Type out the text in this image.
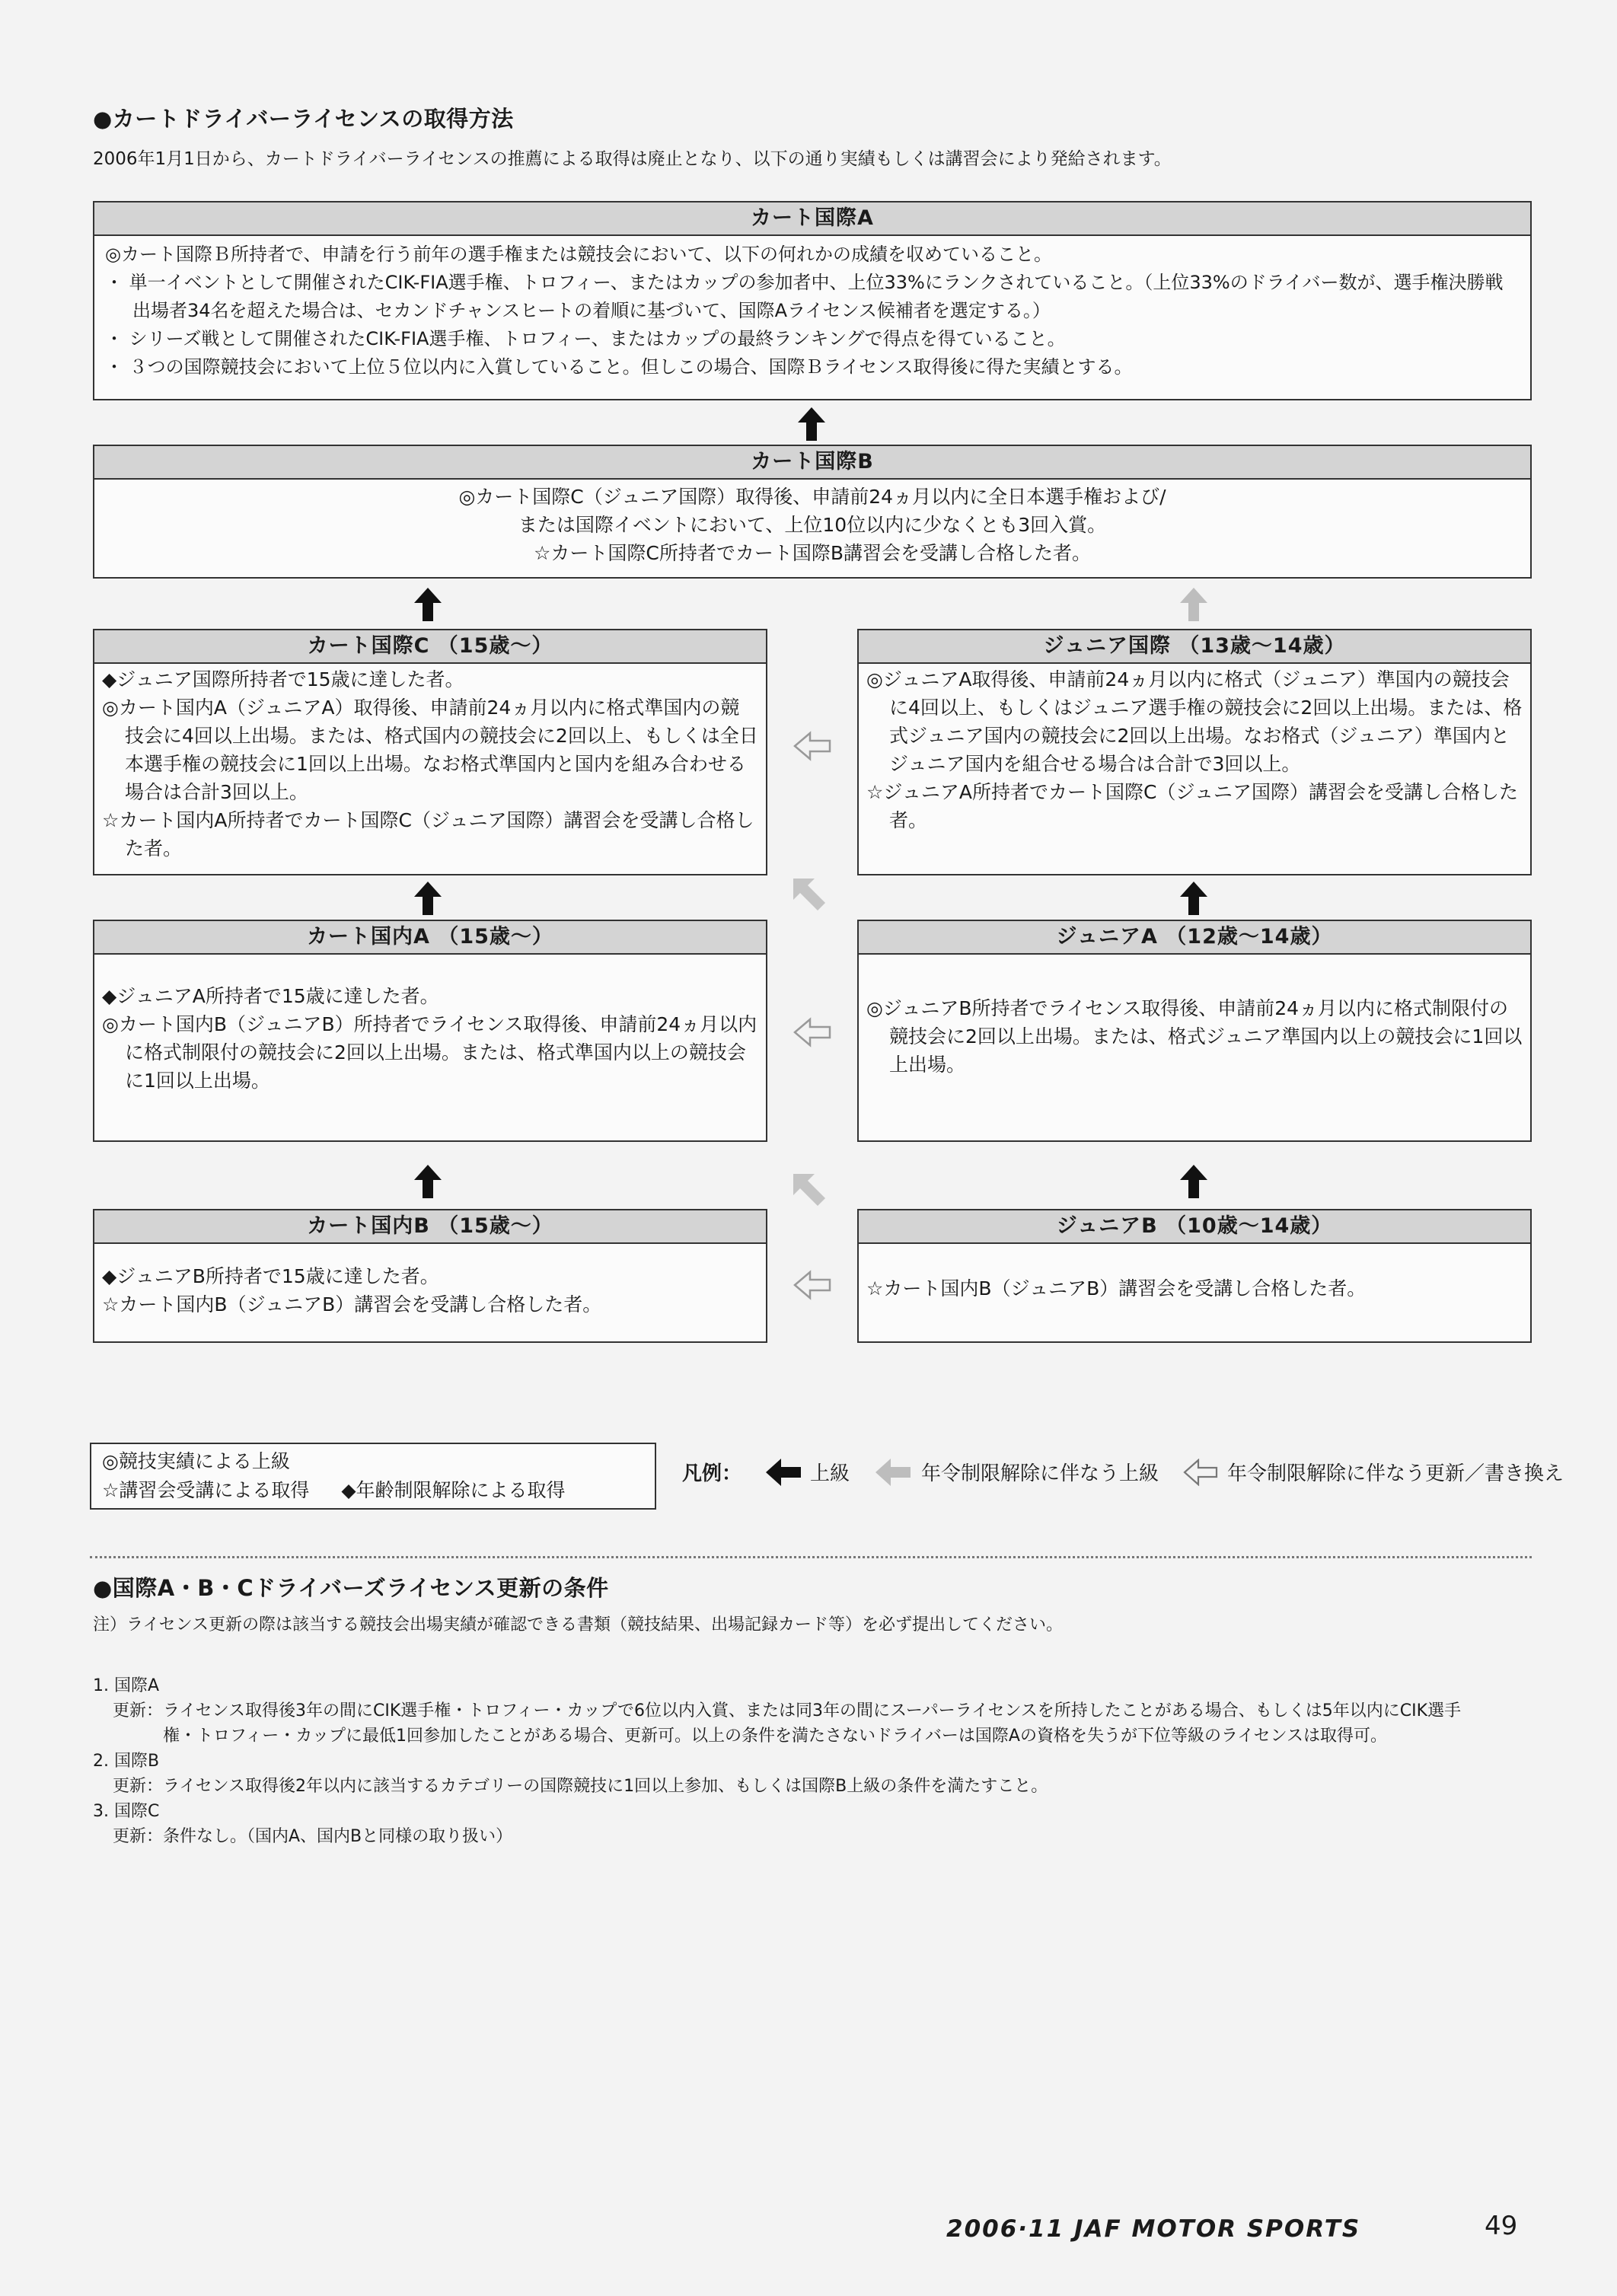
●カートドライバーライセンスの取得方法
2006年1月1日から、カートドライバーライセンスの推薦による取得は廃止となり、以下の通り実績もしくは講習会により発給されます。
カート国際A
◎カート国際Ｂ所持者で、申請を行う前年の選手権または競技会において、以下の何れかの成績を収めていること。
・ 単一イベントとして開催されたCIK-FIA選手権、トロフィー、またはカップの参加者中、上位33%にランクされていること。（上位33%のドライバー数が、選手権決勝戦出場者34名を超えた場合は、セカンドチャンスヒートの着順に基づいて、国際Aライセンス候補者を選定する。）
・ シリーズ戦として開催されたCIK-FIA選手権、トロフィー、またはカップの最終ランキングで得点を得ていること。
・ ３つの国際競技会において上位５位以内に入賞していること。但しこの場合、国際Ｂライセンス取得後に得た実績とする。
カート国際B
◎カート国際C（ジュニア国際）取得後、申請前24ヵ月以内に全日本選手権および/
または国際イベントにおいて、上位10位以内に少なくとも3回入賞。
☆カート国際C所持者でカート国際B講習会を受講し合格した者。
カート国際C （15歳～）
◆ジュニア国際所持者で15歳に達した者。
◎カート国内A（ジュニアA）取得後、申請前24ヵ月以内に格式準国内の競技会に4回以上出場。または、格式国内の競技会に2回以上、もしくは全日本選手権の競技会に1回以上出場。なお格式準国内と国内を組み合わせる場合は合計3回以上。
☆カート国内A所持者でカート国際C（ジュニア国際）講習会を受講し合格した者。
ジュニア国際 （13歳～14歳）
◎ジュニアA取得後、申請前24ヵ月以内に格式（ジュニア）準国内の競技会に4回以上、もしくはジュニア選手権の競技会に2回以上出場。または、格式ジュニア国内の競技会に2回以上出場。なお格式（ジュニア）準国内とジュニア国内を組合せる場合は合計で3回以上。
☆ジュニアA所持者でカート国際C（ジュニア国際）講習会を受講し合格した者。
カート国内A （15歳～）
◆ジュニアA所持者で15歳に達した者。
◎カート国内B（ジュニアB）所持者でライセンス取得後、申請前24ヵ月以内に格式制限付の競技会に2回以上出場。または、格式準国内以上の競技会に1回以上出場。
ジュニアA （12歳～14歳）
◎ジュニアB所持者でライセンス取得後、申請前24ヵ月以内に格式制限付の競技会に2回以上出場。または、格式ジュニア準国内以上の競技会に1回以上出場。
カート国内B （15歳～）
◆ジュニアB所持者で15歳に達した者。
☆カート国内B（ジュニアB）講習会を受講し合格した者。
ジュニアB （10歳～14歳）
☆カート国内B（ジュニアB）講習会を受講し合格した者。
◎競技実績による上級
☆講習会受講による取得 ◆年齢制限解除による取得
凡例：	上級	年令制限解除に伴なう上級	年令制限解除に伴なう更新／書き換え
●国際A・B・Cドライバーズライセンス更新の条件
注）ライセンス更新の際は該当する競技会出場実績が確認できる書類（競技結果、出場記録カード等）を必ず提出してください。
1. 国際A
更新：ライセンス取得後3年の間にCIK選手権・トロフィー・カップで6位以内入賞、または同3年の間にスーパーライセンスを所持したことがある場合、もしくは5年以内にCIK選手
権・トロフィー・カップに最低1回参加したことがある場合、更新可。以上の条件を満たさないドライバーは国際Aの資格を失うが下位等級のライセンスは取得可。
2. 国際B
更新：ライセンス取得後2年以内に該当するカテゴリーの国際競技に1回以上参加、もしくは国際B上級の条件を満たすこと。
3. 国際C
更新：条件なし。（国内A、国内Bと同様の取り扱い）
2006·11 JAF MOTOR SPORTS	49
